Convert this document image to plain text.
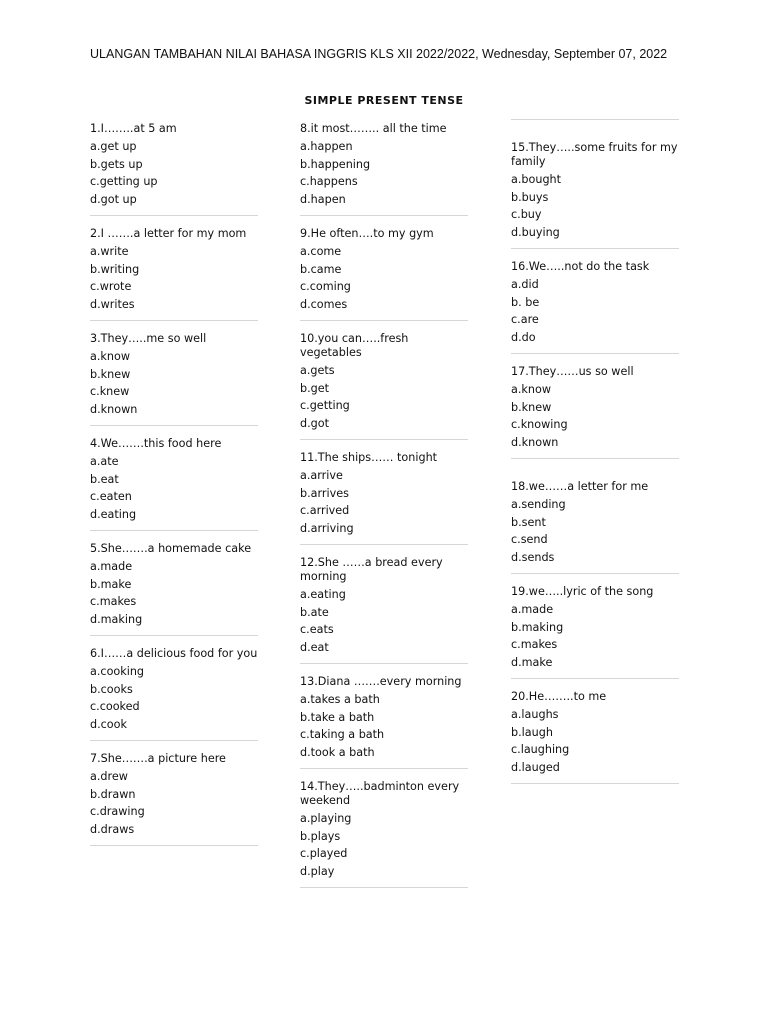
ULANGAN TAMBAHAN NILAI BAHASA INGGRIS KLS XII 2022/2022, Wednesday, September 07, 2022
SIMPLE PRESENT TENSE
1.I……..at 5 am
a.get up
b.gets up
c.getting up
d.got up
2.I …….a letter for my mom
a.write
b.writing
c.wrote
d.writes
3.They…..me so well
a.know
b.knew
c.knew
d.known
4.We…….this food here
a.ate
b.eat
c.eaten
d.eating
5.She…….a homemade cake
a.made
b.make
c.makes
d.making
6.I……a delicious food for you
a.cooking
b.cooks
c.cooked
d.cook
7.She…….a picture here
a.drew
b.drawn
c.drawing
d.draws
8.it most…….. all the time
a.happen
b.happening
c.happens
d.hapen
9.He often….to my gym
a.come
b.came
c.coming
d.comes
10.you can…..fresh vegetables
a.gets
b.get
c.getting
d.got
11.The ships…… tonight
a.arrive
b.arrives
c.arrived
d.arriving
12.She ……a bread every morning
a.eating
b.ate
c.eats
d.eat
13.Diana …….every morning
a.takes a bath
b.take a bath
c.taking a bath
d.took a bath
14.They…..badminton every weekend
a.playing
b.plays
c.played
d.play
15.They…..some fruits for my family
a.bought
b.buys
c.buy
d.buying
16.We…..not do the task
a.did
b. be
c.are
d.do
17.They……us so well
a.know
b.knew
c.knowing
d.known
18.we……a letter for me
a.sending
b.sent
c.send
d.sends
19.we…..lyric of the song
a.made
b.making
c.makes
d.make
20.He……..to me
a.laughs
b.laugh
c.laughing
d.lauged
